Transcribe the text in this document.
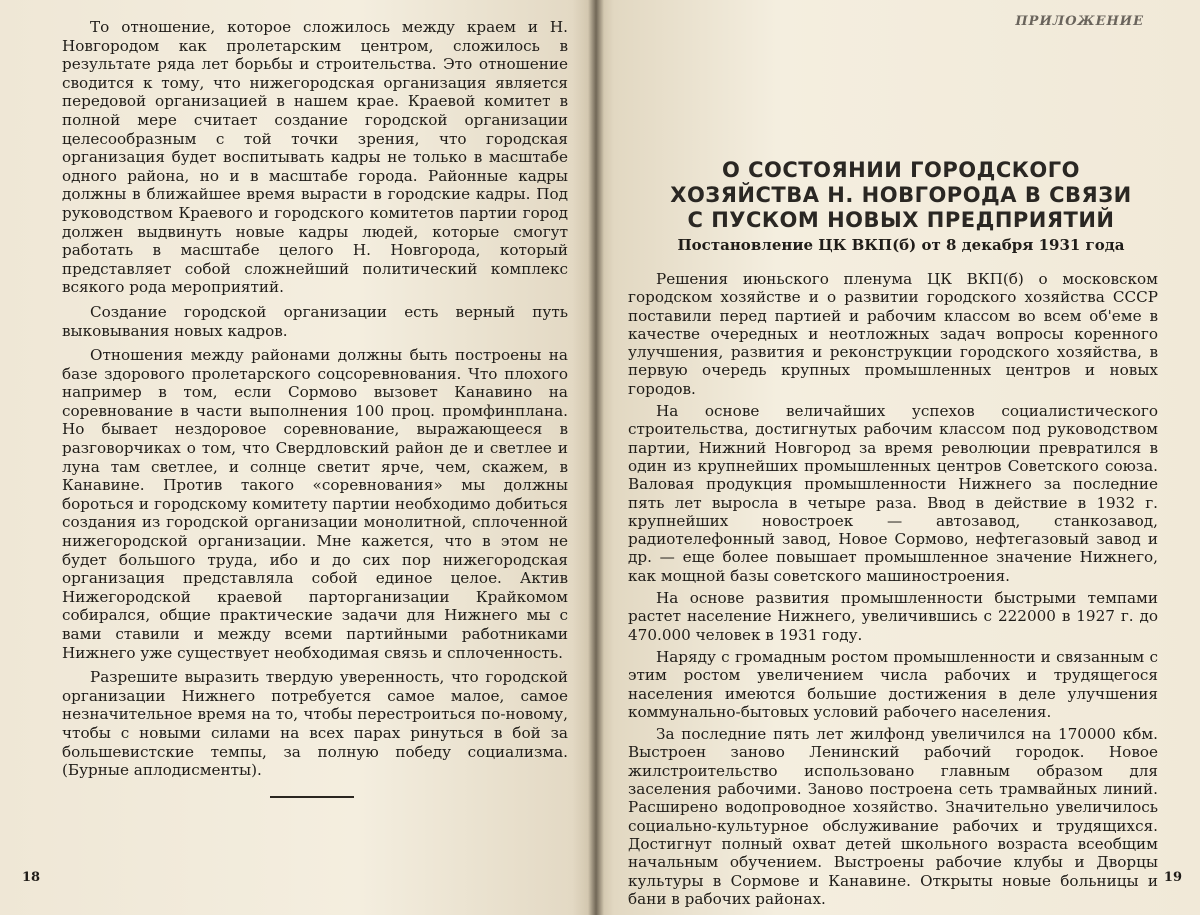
То отношение, которое сложилось между краем и Н. Новгородом как пролетарским центром, сложилось в результате ряда лет борьбы и строительства. Это отношение сводится к тому, что нижегородская организация является передовой организацией в нашем крае. Краевой комитет в полной мере считает создание городской организации целесообразным с той точки зрения, что городская организация будет воспитывать кадры не только в масштабе одного района, но и в масштабе города. Районные кадры должны в ближайшее время вырасти в городские кадры. Под руководством Краевого и городского комитетов партии город должен выдвинуть новые кадры людей, которые смогут работать в масштабе целого Н. Новгорода, который представляет собой сложнейший политический комплекс всякого рода мероприятий.

Создание городской организации есть верный путь выковывания новых кадров.

Отношения между районами должны быть построены на базе здорового пролетарского соцсоревнования. Что плохого например в том, если Сормово вызовет Канавино на соревнование в части выполнения 100 проц. промфинплана. Но бывает нездоровое соревнование, выражающееся в разговорчиках о том, что Свердловский район де и светлее и луна там светлее, и солнце светит ярче, чем, скажем, в Канавине. Против такого «соревнования» мы должны бороться и городскому комитету партии необходимо добиться создания из городской организации монолитной, сплоченной нижегородской организации. Мне кажется, что в этом не будет большого труда, ибо и до сих пор нижегородская организация представляла собой единое целое. Актив Нижегородской краевой парторганизации Крайкомом собирался, общие практические задачи для Нижнего мы с вами ставили и между всеми партийными работниками Нижнего уже существует необходимая связь и сплоченность.

Разрешите выразить твердую уверенность, что городской организации Нижнего потребуется самое малое, самое незначительное время на то, чтобы перестроиться по-новому, чтобы с новыми силами на всех парах ринуться в бой за большевистские темпы, за полную победу социализма. (Бурные аплодисменты).

18
ПРИЛОЖЕНИЕ
О СОСТОЯНИИ ГОРОДСКОГО ХОЗЯЙСТВА Н. НОВГОРОДА В СВЯЗИ С ПУСКОМ НОВЫХ ПРЕДПРИЯТИЙ
Постановление ЦК ВКП(б) от 8 декабря 1931 года

Решения июньского пленума ЦК ВКП(б) о московском городском хозяйстве и о развитии городского хозяйства СССР поставили перед партией и рабочим классом во всем об'еме в качестве очередных и неотложных задач вопросы коренного улучшения, развития и реконструкции городского хозяйства, в первую очередь крупных промышленных центров и новых городов.

На основе величайших успехов социалистического строительства, достигнутых рабочим классом под руководством партии, Нижний Новгород за время революции превратился в один из крупнейших промышленных центров Советского союза. Валовая продукция промышленности Нижнего за последние пять лет выросла в четыре раза. Ввод в действие в 1932 г. крупнейших новостроек — автозавод, станкозавод, радиотелефонный завод, Новое Сормово, нефтегазовый завод и др. — еще более повышает промышленное значение Нижнего, как мощной базы советского машиностроения.

На основе развития промышленности быстрыми темпами растет население Нижнего, увеличившись с 222000 в 1927 г. до 470.000 человек в 1931 году.

Наряду с громадным ростом промышленности и связанным с этим ростом увеличением числа рабочих и трудящегося населения имеются большие достижения в деле улучшения коммунально-бытовых условий рабочего населения.

За последние пять лет жилфонд увеличился на 170000 кбм. Выстроен заново Ленинский рабочий городок. Новое жилстроительство использовано главным образом для заселения рабочими. Заново построена сеть трамвайных линий. Расширено водопроводное хозяйство. Значительно увеличилось социально-культурное обслуживание рабочих и трудящихся. Достигнут полный охват детей школьного возраста всеобщим начальным обучением. Выстроены рабочие клубы и Дворцы культуры в Сормове и Канавине. Открыты новые больницы и бани в рабочих районах.

19
